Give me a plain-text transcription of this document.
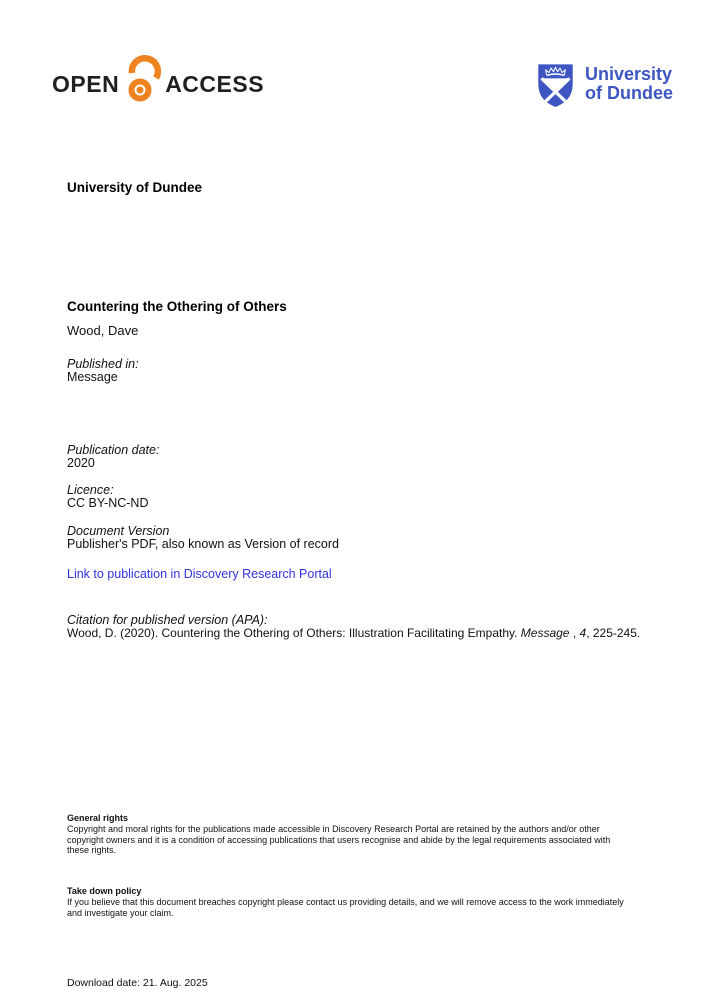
OPEN ACCESS	University
of Dundee
University of Dundee
Countering the Othering of Others
Wood, Dave
Published in:
Message
Publication date:
2020
Licence:
CC BY-NC-ND
Document Version
Publisher's PDF, also known as Version of record
Link to publication in Discovery Research Portal
Citation for published version (APA):
Wood, D. (2020). Countering the Othering of Others: Illustration Facilitating Empathy. Message , 4, 225-245.
General rights
Copyright and moral rights for the publications made accessible in Discovery Research Portal are retained by the authors and/or other
copyright owners and it is a condition of accessing publications that users recognise and abide by the legal requirements associated with
these rights.
Take down policy
If you believe that this document breaches copyright please contact us providing details, and we will remove access to the work immediately
and investigate your claim.
Download date: 21. Aug. 2025
